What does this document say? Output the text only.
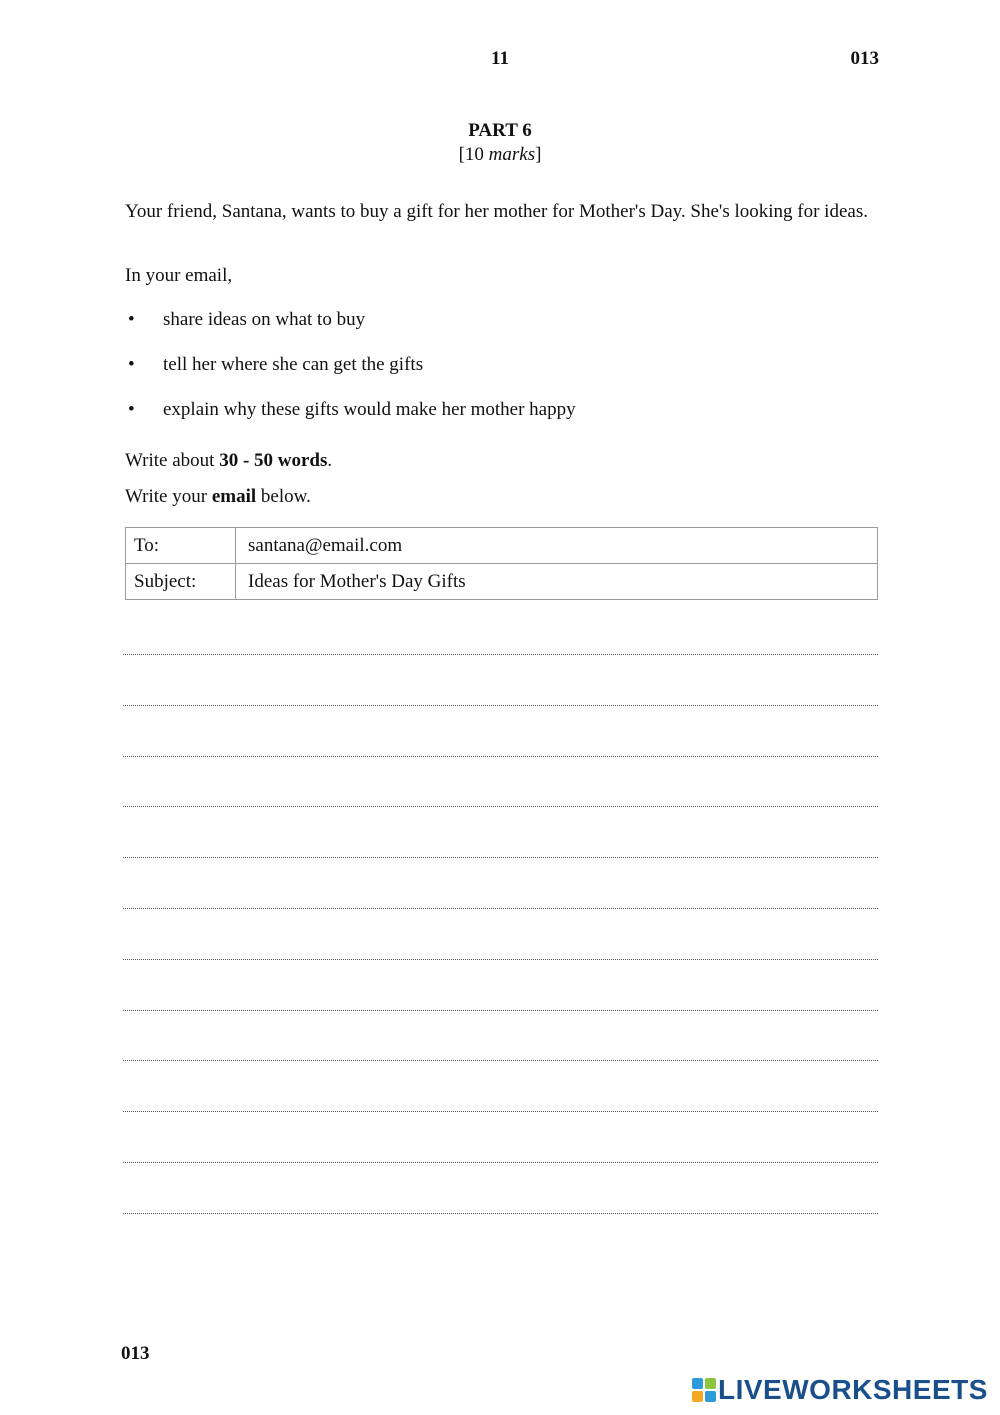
11	013
PART 6
[10 marks]
Your friend, Santana, wants to buy a gift for her mother for Mother's Day. She's looking for ideas.
In your email,
• share ideas on what to buy
• tell her where she can get the gifts
• explain why these gifts would make her mother happy
Write about 30 - 50 words.
Write your email below.
To:	santana@email.com
Subject:	Ideas for Mother's Day Gifts
013
LIVEWORKSHEETS
